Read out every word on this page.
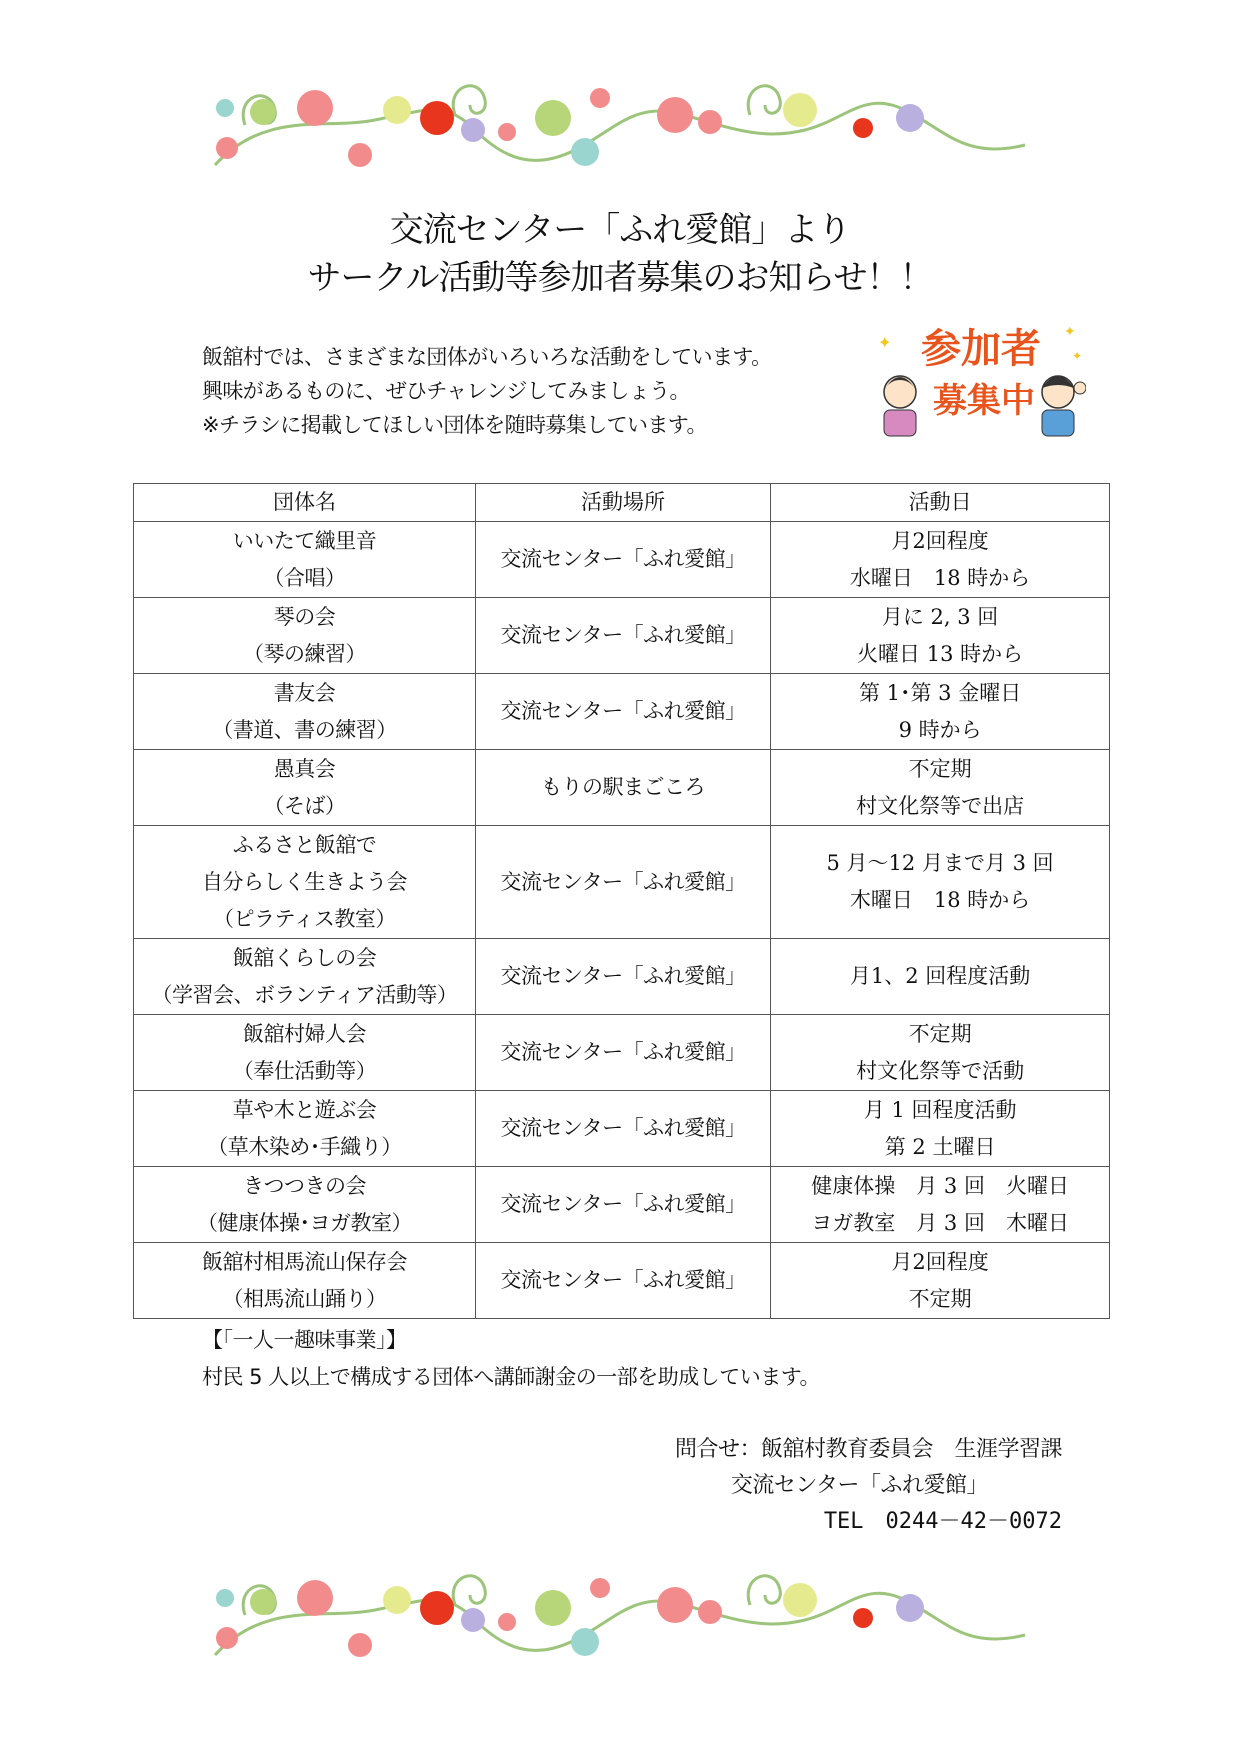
交流センター「ふれ愛館」より
サークル活動等参加者募集のお知らせ！！
飯舘村では、さまざまな団体がいろいろな活動をしています。
興味があるものに、ぜひチャレンジしてみましょう。
※チラシに掲載してほしい団体を随時募集しています。
✦
✦
✦
参加者
募集中
団体名	活動場所	活動日

いいたて織里音
（合唱）	交流センター「ふれ愛館」	月2回程度
水曜日　18 時から

琴の会
（琴の練習）	交流センター「ふれ愛館」	月に 2, 3 回
火曜日 13 時から

書友会
（書道、書の練習）	交流センター「ふれ愛館」	第 1･第 3 金曜日
9 時から

愚真会
（そば）	もりの駅まごころ	不定期
村文化祭等で出店

ふるさと飯舘で
自分らしく生きよう会
（ピラティス教室）	交流センター「ふれ愛館」	5 月～12 月まで月 3 回
木曜日　18 時から

飯舘くらしの会
（学習会、ボランティア活動等）	交流センター「ふれ愛館」	月1、2 回程度活動

飯舘村婦人会
（奉仕活動等）	交流センター「ふれ愛館」	不定期
村文化祭等で活動

草や木と遊ぶ会
（草木染め･手織り）	交流センター「ふれ愛館」	月 1 回程度活動
第 2 土曜日

きつつきの会
（健康体操･ヨガ教室）	交流センター「ふれ愛館」	健康体操　月 3 回　火曜日
ヨガ教室　月 3 回　木曜日

飯舘村相馬流山保存会
（相馬流山踊り）	交流センター「ふれ愛館」	月2回程度
不定期
【「一人一趣味事業」】
村民 5 人以上で構成する団体へ講師謝金の一部を助成しています。
問合せ：飯舘村教育委員会　生涯学習課
交流センター「ふれ愛館」
TEL　0244－42－0072
